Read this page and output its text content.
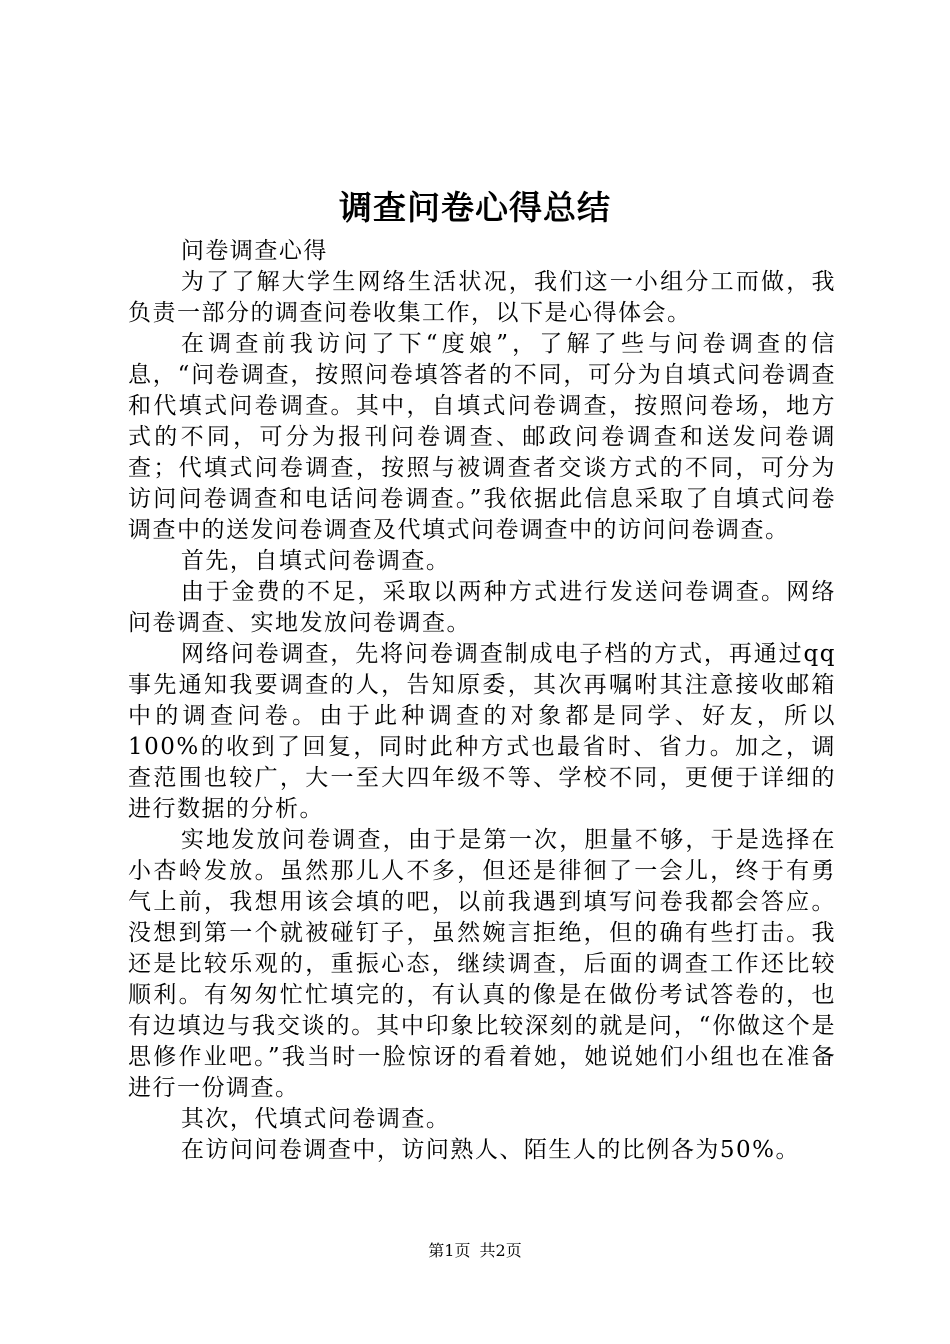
调查问卷心得总结

问卷调查心得

为了了解大学生网络生活状况，我们这一小组分工而做，我负责一部分的调查问卷收集工作，以下是心得体会。

在调查前我访问了下“度娘”，了解了些与问卷调查的信息，“问卷调查，按照问卷填答者的不同，可分为自填式问卷调查和代填式问卷调查。其中，自填式问卷调查，按照问卷场，地方式的不同，可分为报刊问卷调查、邮政问卷调查和送发问卷调查；代填式问卷调查，按照与被调查者交谈方式的不同，可分为访问问卷调查和电话问卷调查。”我依据此信息采取了自填式问卷调查中的送发问卷调查及代填式问卷调查中的访问问卷调查。

首先，自填式问卷调查。

由于金费的不足，采取以两种方式进行发送问卷调查。网络问卷调查、实地发放问卷调查。

网络问卷调查，先将问卷调查制成电子档的方式，再通过qq事先通知我要调查的人，告知原委，其次再嘱咐其注意接收邮箱中的调查问卷。由于此种调查的对象都是同学、好友，所以100%的收到了回复，同时此种方式也最省时、省力。加之，调查范围也较广，大一至大四年级不等、学校不同，更便于详细的进行数据的分析。

实地发放问卷调查，由于是第一次，胆量不够，于是选择在小杏岭发放。虽然那儿人不多，但还是徘徊了一会儿，终于有勇气上前，我想用该会填的吧，以前我遇到填写问卷我都会答应。没想到第一个就被碰钉子，虽然婉言拒绝，但的确有些打击。我还是比较乐观的，重振心态，继续调查，后面的调查工作还比较顺利。有匆匆忙忙填完的，有认真的像是在做份考试答卷的，也有边填边与我交谈的。其中印象比较深刻的就是问，“你做这个是思修作业吧。”我当时一脸惊讶的看着她，她说她们小组也在准备进行一份调查。

其次，代填式问卷调查。

在访问问卷调查中，访问熟人、陌生人的比例各为50%。

第1页 共2页
